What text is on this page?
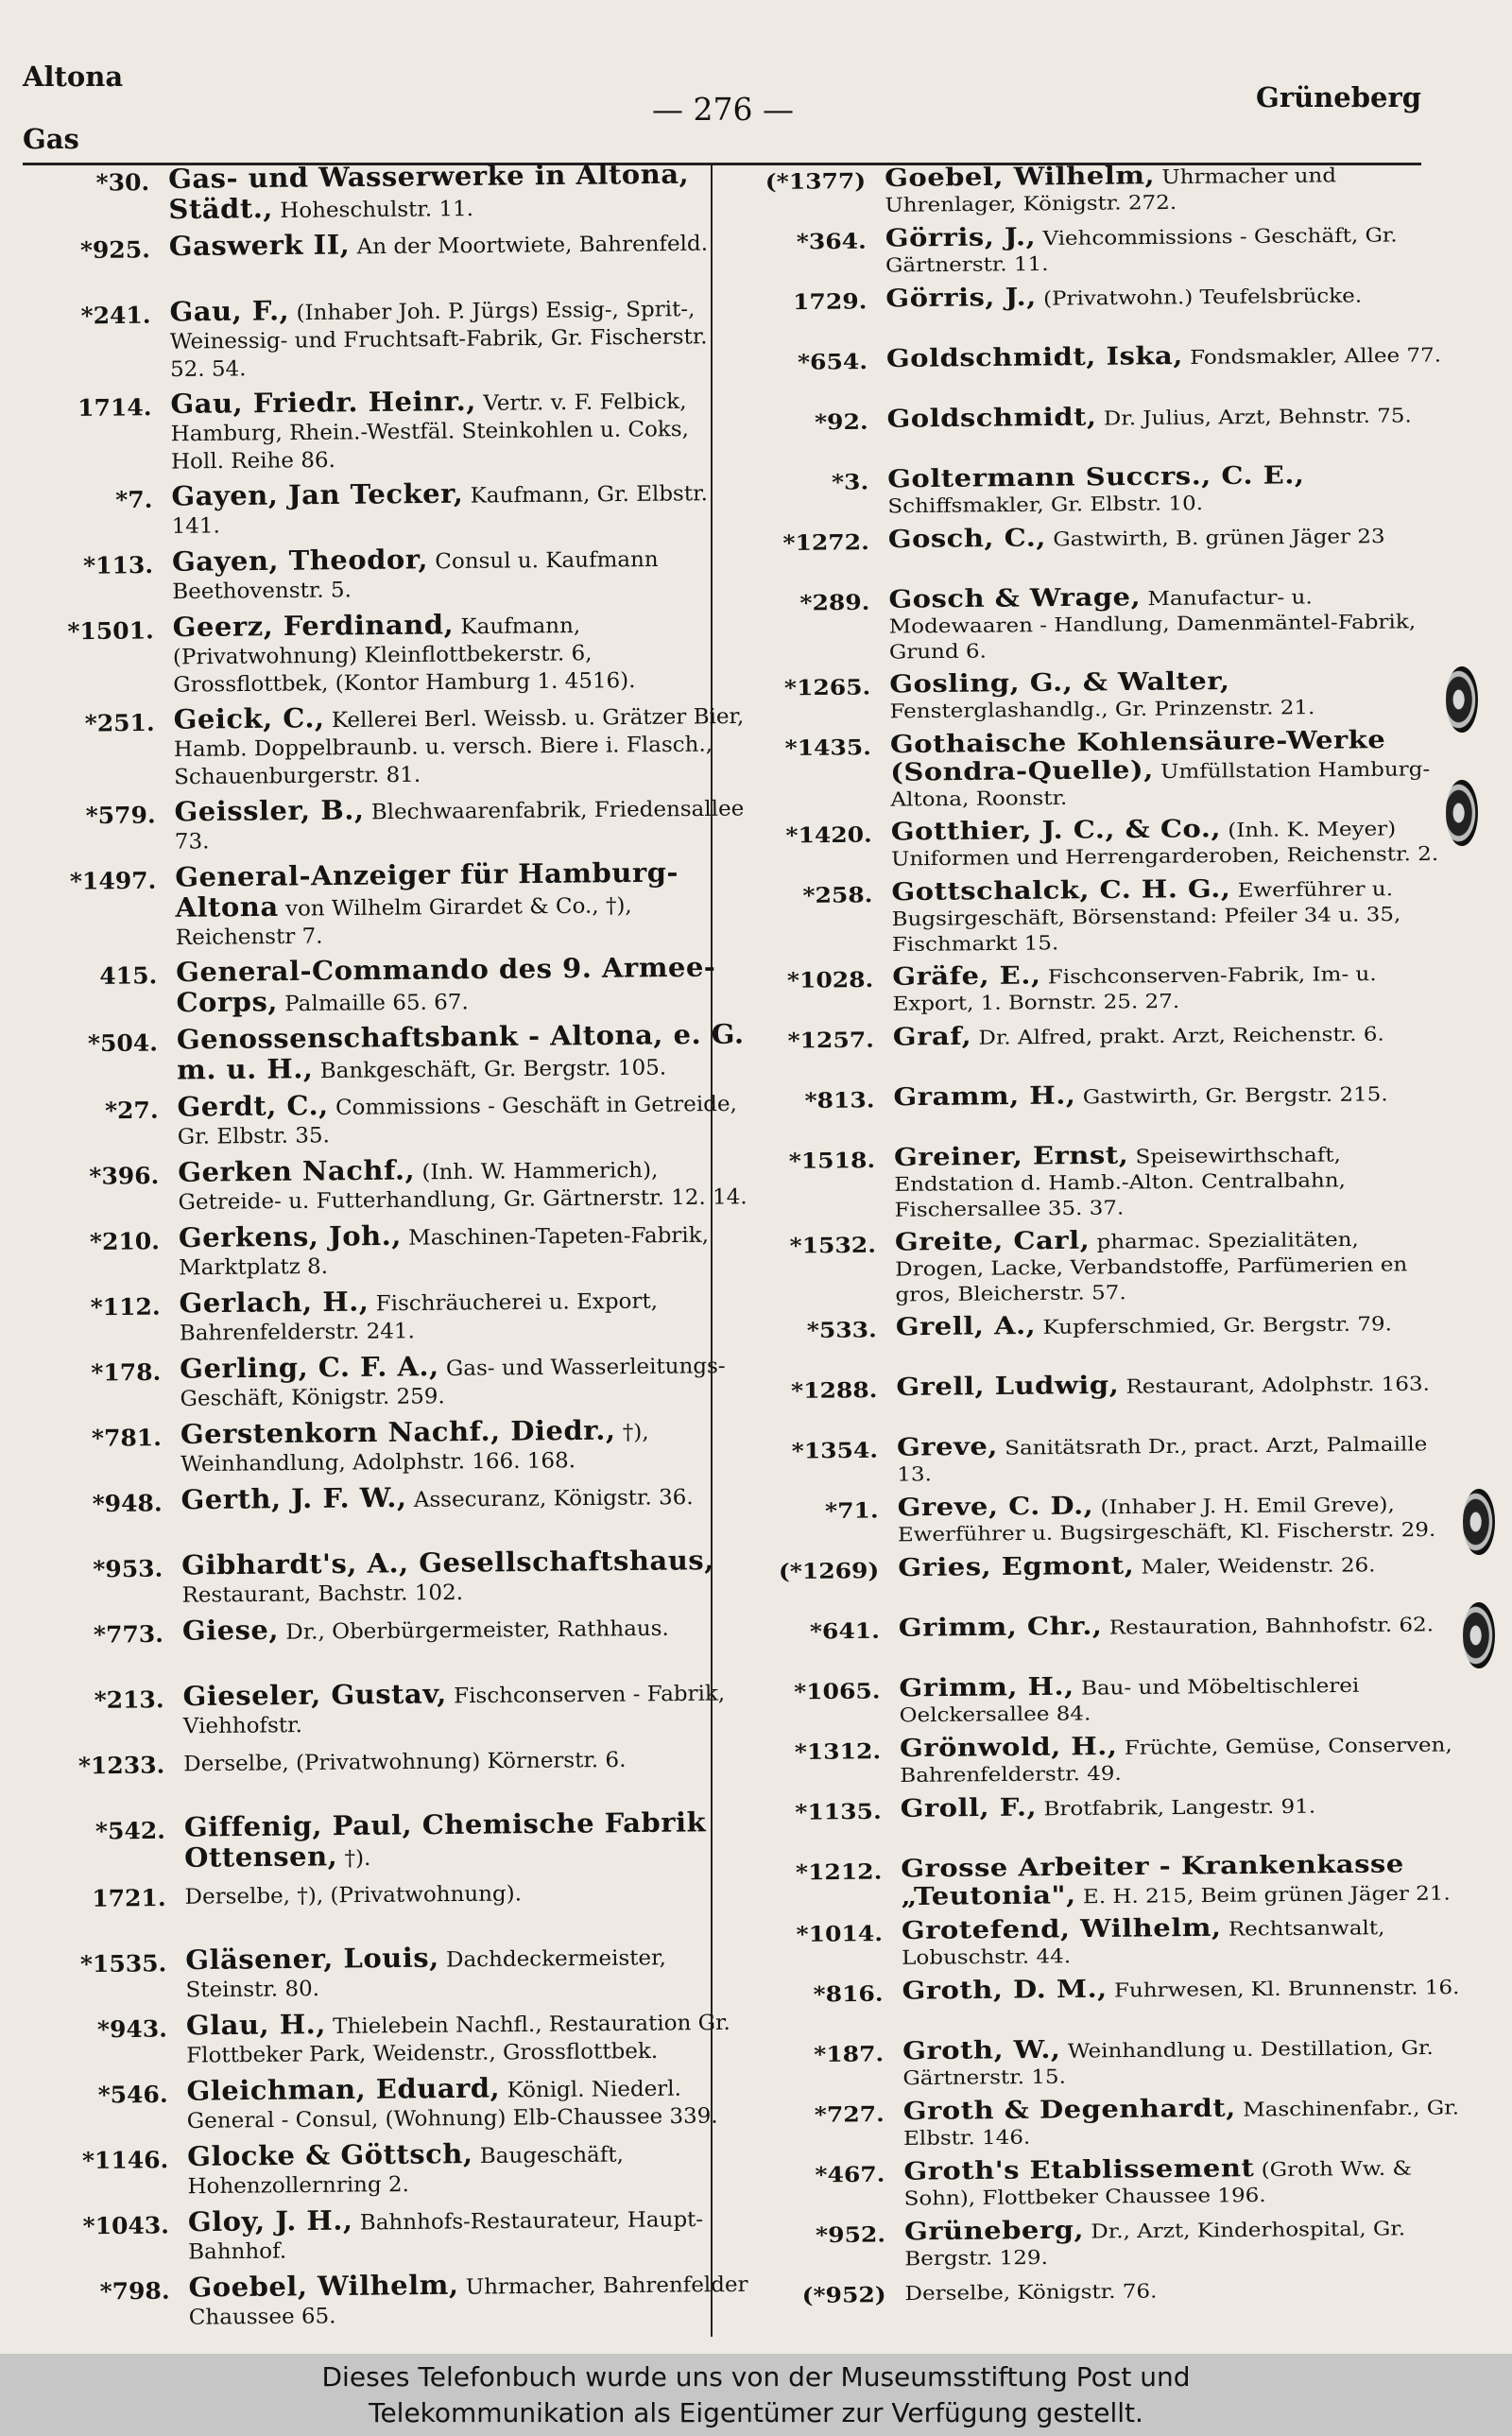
Altona
Gas
— 276 —	Grüneberg
*30. Gas- und Wasserwerke in Altona, Städt., Hoheschulstr. 11.
*925. Gaswerk II, An der Moortwiete, Bahrenfeld.
*241. Gau, F., (Inhaber Joh. P. Jürgs) Essig-, Sprit-, Weinessig- und Fruchtsaft-Fabrik, Gr. Fischerstr. 52. 54.
1714. Gau, Friedr. Heinr., Vertr. v. F. Felbick, Hamburg, Rhein.-Westfäl. Steinkohlen u. Coks, Holl. Reihe 86.
*7. Gayen, Jan Tecker, Kaufmann, Gr. Elbstr. 141.
*113. Gayen, Theodor, Consul u. Kaufmann Beethovenstr. 5.
*1501. Geerz, Ferdinand, Kaufmann, (Privatwohnung) Kleinflottbekerstr. 6, Grossflottbek, (Kontor Hamburg 1. 4516).
*251. Geick, C., Kellerei Berl. Weissb. u. Grätzer Bier, Hamb. Doppelbraunb. u. versch. Biere i. Flasch., Schauenburgerstr. 81.
*579. Geissler, B., Blechwaarenfabrik, Friedensallee 73.
*1497. General-Anzeiger für Hamburg-Altona von Wilhelm Girardet & Co., †), Reichenstr 7.
415. General-Commando des 9. Armee-Corps, Palmaille 65. 67.
*504. Genossenschaftsbank - Altona, e. G. m. u. H., Bankgeschäft, Gr. Bergstr. 105.
*27. Gerdt, C., Commissions - Geschäft in Getreide, Gr. Elbstr. 35.
*396. Gerken Nachf., (Inh. W. Hammerich), Getreide- u. Futterhandlung, Gr. Gärtnerstr. 12. 14.
*210. Gerkens, Joh., Maschinen-Tapeten-Fabrik, Marktplatz 8.
*112. Gerlach, H., Fischräucherei u. Export, Bahrenfelderstr. 241.
*178. Gerling, C. F. A., Gas- und Wasserleitungs-Geschäft, Königstr. 259.
*781. Gerstenkorn Nachf., Diedr., †), Weinhandlung, Adolphstr. 166. 168.
*948. Gerth, J. F. W., Assecuranz, Königstr. 36.
*953. Gibhardt's, A., Gesellschaftshaus, Restaurant, Bachstr. 102.
*773. Giese, Dr., Oberbürgermeister, Rathhaus.
*213. Gieseler, Gustav, Fischconserven - Fabrik, Viehhofstr.
*1233. Derselbe, (Privatwohnung) Körnerstr. 6.
*542. Giffenig, Paul, Chemische Fabrik Ottensen, †).
1721. Derselbe, †), (Privatwohnung).
*1535. Gläsener, Louis, Dachdeckermeister, Steinstr. 80.
*943. Glau, H., Thielebein Nachfl., Restauration Gr. Flottbeker Park, Weidenstr., Grossflottbek.
*546. Gleichman, Eduard, Königl. Niederl. General - Consul, (Wohnung) Elb-Chaussee 339.
*1146. Glocke & Göttsch, Baugeschäft, Hohenzollernring 2.
*1043. Gloy, J. H., Bahnhofs-Restaurateur, Haupt-Bahnhof.
*798. Goebel, Wilhelm, Uhrmacher, Bahrenfelder Chaussee 65.
(*1377) Goebel, Wilhelm, Uhrmacher und Uhrenlager, Königstr. 272.
*364. Görris, J., Viehcommissions - Geschäft, Gr. Gärtnerstr. 11.
1729. Görris, J., (Privatwohn.) Teufelsbrücke.
*654. Goldschmidt, Iska, Fondsmakler, Allee 77.
*92. Goldschmidt, Dr. Julius, Arzt, Behnstr. 75.
*3. Goltermann Succrs., C. E., Schiffsmakler, Gr. Elbstr. 10.
*1272. Gosch, C., Gastwirth, B. grünen Jäger 23
*289. Gosch & Wrage, Manufactur- u. Modewaaren - Handlung, Damenmäntel-Fabrik, Grund 6.
*1265. Gosling, G., & Walter, Fensterglashandlg., Gr. Prinzenstr. 21.
*1435. Gothaische Kohlensäure-Werke (Sondra-Quelle), Umfüllstation Hamburg-Altona, Roonstr.
*1420. Gotthier, J. C., & Co., (Inh. K. Meyer) Uniformen und Herrengarderoben, Reichenstr. 2.
*258. Gottschalck, C. H. G., Ewerführer u. Bugsirgeschäft, Börsenstand: Pfeiler 34 u. 35, Fischmarkt 15.
*1028. Gräfe, E., Fischconserven-Fabrik, Im- u. Export, 1. Bornstr. 25. 27.
*1257. Graf, Dr. Alfred, prakt. Arzt, Reichenstr. 6.
*813. Gramm, H., Gastwirth, Gr. Bergstr. 215.
*1518. Greiner, Ernst, Speisewirthschaft, Endstation d. Hamb.-Alton. Centralbahn, Fischersallee 35. 37.
*1532. Greite, Carl, pharmac. Spezialitäten, Drogen, Lacke, Verbandstoffe, Parfümerien en gros, Bleicherstr. 57.
*533. Grell, A., Kupferschmied, Gr. Bergstr. 79.
*1288. Grell, Ludwig, Restaurant, Adolphstr. 163.
*1354. Greve, Sanitätsrath Dr., pract. Arzt, Palmaille 13.
*71. Greve, C. D., (Inhaber J. H. Emil Greve), Ewerführer u. Bugsirgeschäft, Kl. Fischerstr. 29.
(*1269) Gries, Egmont, Maler, Weidenstr. 26.
*641. Grimm, Chr., Restauration, Bahnhofstr. 62.
*1065. Grimm, H., Bau- und Möbeltischlerei Oelckersallee 84.
*1312. Grönwold, H., Früchte, Gemüse, Conserven, Bahrenfelderstr. 49.
*1135. Groll, F., Brotfabrik, Langestr. 91.
*1212. Grosse Arbeiter - Krankenkasse „Teutonia", E. H. 215, Beim grünen Jäger 21.
*1014. Grotefend, Wilhelm, Rechtsanwalt, Lobuschstr. 44.
*816. Groth, D. M., Fuhrwesen, Kl. Brunnenstr. 16.
*187. Groth, W., Weinhandlung u. Destillation, Gr. Gärtnerstr. 15.
*727. Groth & Degenhardt, Maschinenfabr., Gr. Elbstr. 146.
*467. Groth's Etablissement (Groth Ww. & Sohn), Flottbeker Chaussee 196.
*952. Grüneberg, Dr., Arzt, Kinderhospital, Gr. Bergstr. 129.
(*952) Derselbe, Königstr. 76.
Dieses Telefonbuch wurde uns von der Museumsstiftung Post und
Telekommunikation als Eigentümer zur Verfügung gestellt.
